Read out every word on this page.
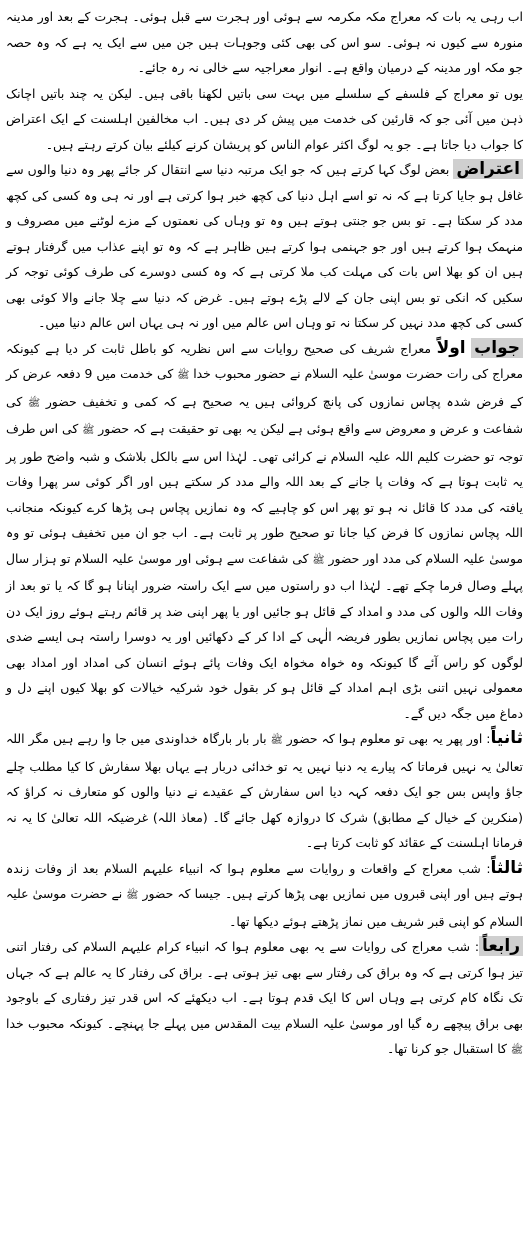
اب رہی یہ بات کہ معراج مکہ مکرمہ سے ہوئی اور ہجرت سے قبل ہوئی۔ ہجرت کے بعد اور مدینہ منورہ سے کیوں نہ ہوئی۔ سو اس کی بھی کئی وجوہات ہیں جن میں سے ایک یہ ہے کہ وہ حصہ جو مکہ اور مدینہ کے درمیان واقع ہے۔ انوار معراجیہ سے خالی نہ رہ جائے۔

یوں تو معراج کے فلسفے کے سلسلے میں بہت سی باتیں لکھنا باقی ہیں۔ لیکن یہ چند باتیں اچانک ذہن میں آئی جو کہ قارئین کی خدمت میں پیش کر دی ہیں۔ اب مخالفین اہلسنت کے ایک اعتراض کا جواب دیا جاتا ہے۔ جو یہ لوگ اکثر عوام الناس کو پریشان کرنے کیلئے بیان کرتے رہتے ہیں۔

اعتراض بعض لوگ کہا کرتے ہیں کہ جو ایک مرتبہ دنیا سے انتقال کر جائے پھر وہ دنیا والوں سے غافل ہو جایا کرتا ہے کہ نہ تو اسے اہل دنیا کی کچھ خبر ہوا کرتی ہے اور نہ ہی وہ کسی کی کچھ مدد کر سکتا ہے۔ تو بس جو جنتی ہوتے ہیں وہ تو وہاں کی نعمتوں کے مزے لوٹنے میں مصروف و منہمک ہوا کرتے ہیں اور جو جہنمی ہوا کرتے ہیں ظاہر ہے کہ وہ تو اپنے عذاب میں گرفتار ہوتے ہیں ان کو بھلا اس بات کی مہلت کب ملا کرتی ہے کہ وہ کسی دوسرے کی طرف کوئی توجہ کر سکیں کہ انکی تو بس اپنی جان کے لالے پڑے ہوتے ہیں۔ غرض کہ دنیا سے چلا جانے والا کوئی بھی کسی کی کچھ مدد نہیں کر سکتا نہ تو وہاں اس عالم میں اور نہ ہی یہاں اس عالم دنیا میں۔

جواب اولاً معراج شریف کی صحیح روایات سے اس نظریہ کو باطل ثابت کر دیا ہے کیونکہ معراج کی رات حضرت موسیٰ علیہ السلام نے حضور محبوب خدا ﷺ کی خدمت میں 9 دفعہ عرض کر کے فرض شدہ پچاس نمازوں کی پانچ کروائی ہیں یہ صحیح ہے کہ کمی و تخفیف حضور ﷺ کی شفاعت و عرض و معروض سے واقع ہوئی ہے لیکن یہ بھی تو حقیقت ہے کہ حضور ﷺ کی اس طرف توجہ تو حضرت کلیم اللہ علیہ السلام نے کرائی تھی۔ لہٰذا اس سے بالکل بلاشک و شبہ واضح طور پر یہ ثابت ہوتا ہے کہ وفات پا جانے کے بعد اللہ والے مدد کر سکتے ہیں اور اگر کوئی سر پھرا وفات یافتہ کی مدد کا قائل نہ ہو تو پھر اس کو چاہیے کہ وہ نمازیں پچاس ہی پڑھا کرے کیونکہ منجانب اللہ پچاس نمازوں کا فرض کیا جانا تو صحیح طور پر ثابت ہے۔ اب جو ان میں تخفیف ہوئی تو وہ موسیٰ علیہ السلام کی مدد اور حضور ﷺ کی شفاعت سے ہوئی اور موسیٰ علیہ السلام تو ہزار سال پہلے وصال فرما چکے تھے۔ لہٰذا اب دو راستوں میں سے ایک راستہ ضرور اپنانا ہو گا کہ یا تو بعد از وفات اللہ والوں کی مدد و امداد کے قائل ہو جائیں اور یا پھر اپنی ضد پر قائم رہتے ہوئے روز ایک دن رات میں پچاس نمازیں بطور فریضہ الٰہی کے ادا کر کے دکھائیں اور یہ دوسرا راستہ ہی ایسے ضدی لوگوں کو راس آئے گا کیونکہ وہ خواہ مخواہ ایک وفات پائے ہوئے انسان کی امداد اور امداد بھی معمولی نہیں اتنی بڑی اہم امداد کے قائل ہو کر بقول خود شرکیہ خیالات کو بھلا کیوں اپنے دل و دماغ میں جگہ دیں گے۔

ثانیاً: اور پھر یہ بھی تو معلوم ہوا کہ حضور ﷺ بار بار بارگاہ خداوندی میں جا وا رہے ہیں مگر اللہ تعالیٰ یہ نہیں فرماتا کہ پیارے یہ دنیا نہیں یہ تو خدائی دربار ہے یہاں بھلا سفارش کا کیا مطلب چلے جاؤ واپس بس جو ایک دفعہ کہہ دیا اس سفارش کے عقیدے نے دنیا والوں کو متعارف نہ کراؤ کہ (منکرین کے خیال کے مطابق) شرک کا دروازہ کھل جائے گا۔ (معاذ اللہ) غرضیکہ اللہ تعالیٰ کا یہ نہ فرمانا اہلسنت کے عقائد کو ثابت کرتا ہے۔

ثالثاً: شب معراج کے واقعات و روایات سے معلوم ہوا کہ انبیاء علیہم السلام بعد از وفات زندہ ہوتے ہیں اور اپنی قبروں میں نمازیں بھی پڑھا کرتے ہیں۔ جیسا کہ حضور ﷺ نے حضرت موسیٰ علیہ السلام کو اپنی قبر شریف میں نماز پڑھتے ہوئے دیکھا تھا۔

رابعاً: شب معراج کی روایات سے یہ بھی معلوم ہوا کہ انبیاء کرام علیہم السلام کی رفتار اتنی تیز ہوا کرتی ہے کہ وہ براق کی رفتار سے بھی تیز ہوتی ہے۔ براق کی رفتار کا یہ عالم ہے کہ جہاں تک نگاہ کام کرتی ہے وہاں اس کا ایک قدم ہوتا ہے۔ اب دیکھئے کہ اس قدر تیز رفتاری کے باوجود بھی براق پیچھے رہ گیا اور موسیٰ علیہ السلام بیت المقدس میں پہلے جا پہنچے۔ کیونکہ محبوب خدا ﷺ کا استقبال جو کرنا تھا۔
